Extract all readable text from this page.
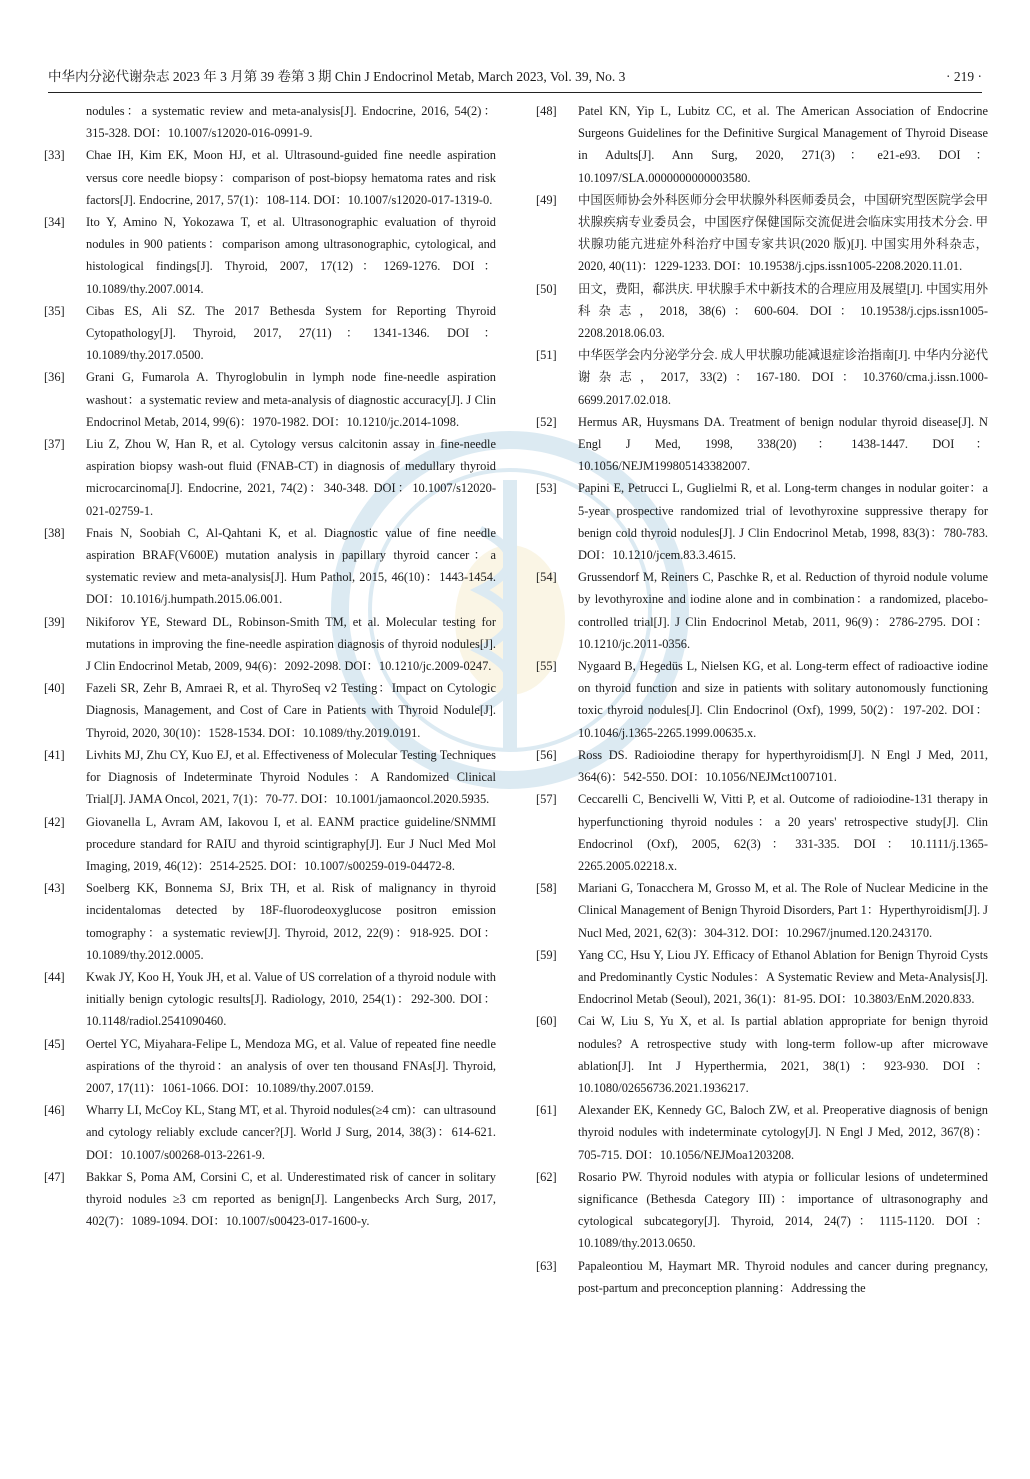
中华内分泌代谢杂志 2023 年 3 月第 39 卷第 3 期 Chin J Endocrinol Metab, March 2023, Vol. 39, No. 3	· 219 ·
nodules：a systematic review and meta-analysis[J]. Endocrine, 2016, 54(2)：315-328. DOI：10.1007/s12020-016-0991-9.
[33]	Chae IH, Kim EK, Moon HJ, et al. Ultrasound-guided fine needle aspiration versus core needle biopsy：comparison of post-biopsy hematoma rates and risk factors[J]. Endocrine, 2017, 57(1)：108-114. DOI：10.1007/s12020-017-1319-0.
[34]	Ito Y, Amino N, Yokozawa T, et al. Ultrasonographic evaluation of thyroid nodules in 900 patients：comparison among ultrasonographic, cytological, and histological findings[J]. Thyroid, 2007, 17(12)：1269-1276. DOI：10.1089/thy.2007.0014.
[35]	Cibas ES, Ali SZ. The 2017 Bethesda System for Reporting Thyroid Cytopathology[J]. Thyroid, 2017, 27(11)：1341-1346. DOI：10.1089/thy.2017.0500.
[36]	Grani G, Fumarola A. Thyroglobulin in lymph node fine-needle aspiration washout：a systematic review and meta-analysis of diagnostic accuracy[J]. J Clin Endocrinol Metab, 2014, 99(6)：1970-1982. DOI：10.1210/jc.2014-1098.
[37]	Liu Z, Zhou W, Han R, et al. Cytology versus calcitonin assay in fine-needle aspiration biopsy wash-out fluid (FNAB-CT) in diagnosis of medullary thyroid microcarcinoma[J]. Endocrine, 2021, 74(2)：340-348. DOI：10.1007/s12020-021-02759-1.
[38]	Fnais N, Soobiah C, Al-Qahtani K, et al. Diagnostic value of fine needle aspiration BRAF(V600E) mutation analysis in papillary thyroid cancer：a systematic review and meta-analysis[J]. Hum Pathol, 2015, 46(10)：1443-1454. DOI：10.1016/j.humpath.2015.06.001.
[39]	Nikiforov YE, Steward DL, Robinson-Smith TM, et al. Molecular testing for mutations in improving the fine-needle aspiration diagnosis of thyroid nodules[J]. J Clin Endocrinol Metab, 2009, 94(6)：2092-2098. DOI：10.1210/jc.2009-0247.
[40]	Fazeli SR, Zehr B, Amraei R, et al. ThyroSeq v2 Testing：Impact on Cytologic Diagnosis, Management, and Cost of Care in Patients with Thyroid Nodule[J]. Thyroid, 2020, 30(10)：1528-1534. DOI：10.1089/thy.2019.0191.
[41]	Livhits MJ, Zhu CY, Kuo EJ, et al. Effectiveness of Molecular Testing Techniques for Diagnosis of Indeterminate Thyroid Nodules：A Randomized Clinical Trial[J]. JAMA Oncol, 2021, 7(1)：70-77. DOI：10.1001/jamaoncol.2020.5935.
[42]	Giovanella L, Avram AM, Iakovou I, et al. EANM practice guideline/SNMMI procedure standard for RAIU and thyroid scintigraphy[J]. Eur J Nucl Med Mol Imaging, 2019, 46(12)：2514-2525. DOI：10.1007/s00259-019-04472-8.
[43]	Soelberg KK, Bonnema SJ, Brix TH, et al. Risk of malignancy in thyroid incidentalomas detected by 18F-fluorodeoxyglucose positron emission tomography：a systematic review[J]. Thyroid, 2012, 22(9)：918-925. DOI：10.1089/thy.2012.0005.
[44]	Kwak JY, Koo H, Youk JH, et al. Value of US correlation of a thyroid nodule with initially benign cytologic results[J]. Radiology, 2010, 254(1)：292-300. DOI：10.1148/radiol.2541090460.
[45]	Oertel YC, Miyahara-Felipe L, Mendoza MG, et al. Value of repeated fine needle aspirations of the thyroid：an analysis of over ten thousand FNAs[J]. Thyroid, 2007, 17(11)：1061-1066. DOI：10.1089/thy.2007.0159.
[46]	Wharry LI, McCoy KL, Stang MT, et al. Thyroid nodules(≥4 cm)：can ultrasound and cytology reliably exclude cancer?[J]. World J Surg, 2014, 38(3)：614-621. DOI：10.1007/s00268-013-2261-9.
[47]	Bakkar S, Poma AM, Corsini C, et al. Underestimated risk of cancer in solitary thyroid nodules ≥3 cm reported as benign[J]. Langenbecks Arch Surg, 2017, 402(7)：1089-1094. DOI：10.1007/s00423-017-1600-y.
[48]	Patel KN, Yip L, Lubitz CC, et al. The American Association of Endocrine Surgeons Guidelines for the Definitive Surgical Management of Thyroid Disease in Adults[J]. Ann Surg, 2020, 271(3)：e21-e93. DOI：10.1097/SLA.0000000000003580.
[49]	中国医师协会外科医师分会甲状腺外科医师委员会，中国研究型医院学会甲状腺疾病专业委员会，中国医疗保健国际交流促进会临床实用技术分会. 甲状腺功能亢进症外科治疗中国专家共识(2020 版)[J]. 中国实用外科杂志，2020, 40(11)：1229-1233. DOI：10.19538/j.cjps.issn1005-2208.2020.11.01.
[50]	田文，费阳，郗洪庆. 甲状腺手术中新技术的合理应用及展望[J]. 中国实用外科杂志，2018, 38(6)：600-604. DOI：10.19538/j.cjps.issn1005-2208.2018.06.03.
[51]	中华医学会内分泌学分会. 成人甲状腺功能减退症诊治指南[J]. 中华内分泌代谢杂志，2017, 33(2)：167-180. DOI：10.3760/cma.j.issn.1000-6699.2017.02.018.
[52]	Hermus AR, Huysmans DA. Treatment of benign nodular thyroid disease[J]. N Engl J Med, 1998, 338(20)：1438-1447. DOI：10.1056/NEJM199805143382007.
[53]	Papini E, Petrucci L, Guglielmi R, et al. Long-term changes in nodular goiter：a 5-year prospective randomized trial of levothyroxine suppressive therapy for benign cold thyroid nodules[J]. J Clin Endocrinol Metab, 1998, 83(3)：780-783. DOI：10.1210/jcem.83.3.4615.
[54]	Grussendorf M, Reiners C, Paschke R, et al. Reduction of thyroid nodule volume by levothyroxine and iodine alone and in combination：a randomized, placebo-controlled trial[J]. J Clin Endocrinol Metab, 2011, 96(9)：2786-2795. DOI：10.1210/jc.2011-0356.
[55]	Nygaard B, Hegedüs L, Nielsen KG, et al. Long-term effect of radioactive iodine on thyroid function and size in patients with solitary autonomously functioning toxic thyroid nodules[J]. Clin Endocrinol (Oxf), 1999, 50(2)：197-202. DOI：10.1046/j.1365-2265.1999.00635.x.
[56]	Ross DS. Radioiodine therapy for hyperthyroidism[J]. N Engl J Med, 2011, 364(6)：542-550. DOI：10.1056/NEJMct1007101.
[57]	Ceccarelli C, Bencivelli W, Vitti P, et al. Outcome of radioiodine-131 therapy in hyperfunctioning thyroid nodules：a 20 years' retrospective study[J]. Clin Endocrinol (Oxf), 2005, 62(3)：331-335. DOI：10.1111/j.1365-2265.2005.02218.x.
[58]	Mariani G, Tonacchera M, Grosso M, et al. The Role of Nuclear Medicine in the Clinical Management of Benign Thyroid Disorders, Part 1：Hyperthyroidism[J]. J Nucl Med, 2021, 62(3)：304-312. DOI：10.2967/jnumed.120.243170.
[59]	Yang CC, Hsu Y, Liou JY. Efficacy of Ethanol Ablation for Benign Thyroid Cysts and Predominantly Cystic Nodules：A Systematic Review and Meta-Analysis[J]. Endocrinol Metab (Seoul), 2021, 36(1)：81-95. DOI：10.3803/EnM.2020.833.
[60]	Cai W, Liu S, Yu X, et al. Is partial ablation appropriate for benign thyroid nodules? A retrospective study with long-term follow-up after microwave ablation[J]. Int J Hyperthermia, 2021, 38(1)：923-930. DOI：10.1080/02656736.2021.1936217.
[61]	Alexander EK, Kennedy GC, Baloch ZW, et al. Preoperative diagnosis of benign thyroid nodules with indeterminate cytology[J]. N Engl J Med, 2012, 367(8)：705-715. DOI：10.1056/NEJMoa1203208.
[62]	Rosario PW. Thyroid nodules with atypia or follicular lesions of undetermined significance (Bethesda Category III)：importance of ultrasonography and cytological subcategory[J]. Thyroid, 2014, 24(7)：1115-1120. DOI：10.1089/thy.2013.0650.
[63]	Papaleontiou M, Haymart MR. Thyroid nodules and cancer during pregnancy, post-partum and preconception planning：Addressing the
